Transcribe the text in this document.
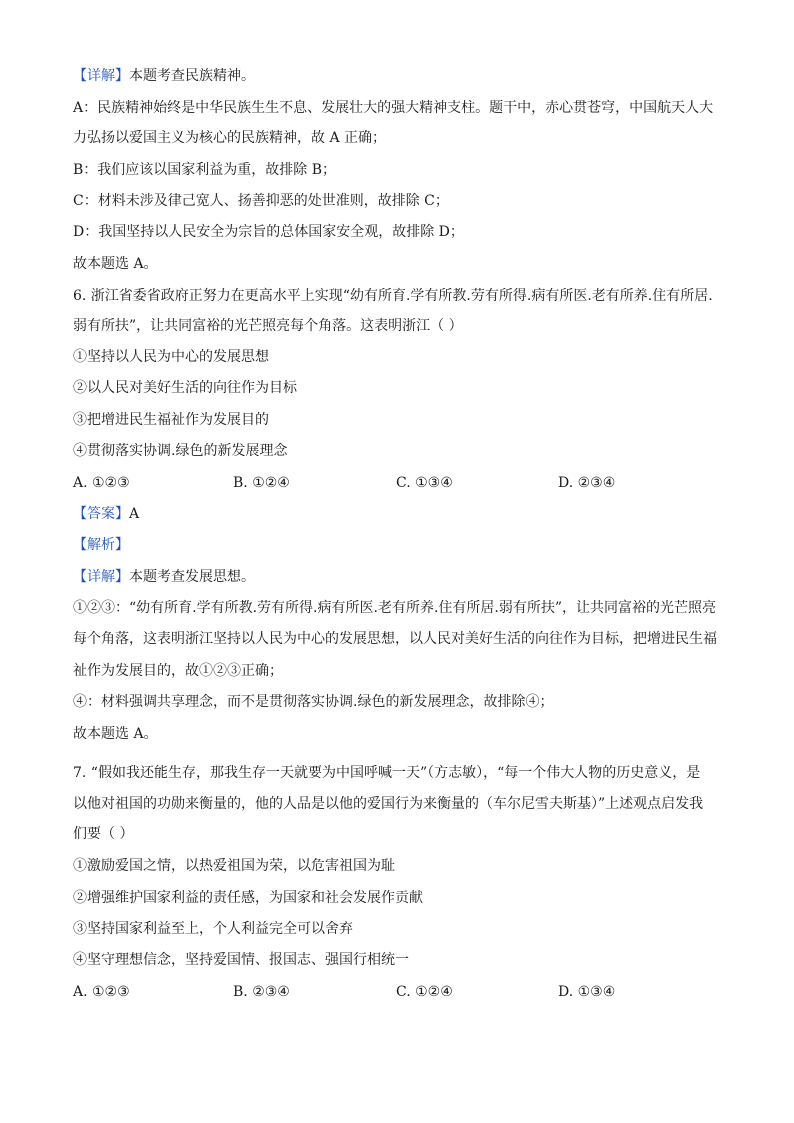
【详解】本题考查民族精神。
A：民族精神始终是中华民族生生不息、发展壮大的强大精神支柱。题干中，赤心贯苍穹，中国航天人大
力弘扬以爱国主义为核心的民族精神，故 A 正确；
B：我们应该以国家利益为重，故排除 B；
C：材料未涉及律己宽人、扬善抑恶的处世准则，故排除 C；
D：我国坚持以人民安全为宗旨的总体国家安全观，故排除 D；
故本题选 A。
6. 浙江省委省政府正努力在更高水平上实现“幼有所育.学有所教.劳有所得.病有所医.老有所养.住有所居.
弱有所扶”，让共同富裕的光芒照亮每个角落。这表明浙江（ ）
①坚持以人民为中心的发展思想
②以人民对美好生活的向往作为目标
③把增进民生福祉作为发展目的
④贯彻落实协调.绿色的新发展理念
A. ①②③	B. ①②④	C. ①③④	D. ②③④
【答案】A
【解析】
【详解】本题考查发展思想。
①②③：“幼有所育.学有所教.劳有所得.病有所医.老有所养.住有所居.弱有所扶”，让共同富裕的光芒照亮
每个角落，这表明浙江坚持以人民为中心的发展思想，以人民对美好生活的向往作为目标，把增进民生福
祉作为发展目的，故①②③正确；
④：材料强调共享理念，而不是贯彻落实协调.绿色的新发展理念，故排除④；
故本题选 A。
7. “假如我还能生存，那我生存一天就要为中国呼喊一天”（方志敏），“每一个伟大人物的历史意义，是
以他对祖国的功勋来衡量的，他的人品是以他的爱国行为来衡量的（车尔尼雪夫斯基）”上述观点启发我
们要（ ）
①激励爱国之情，以热爱祖国为荣，以危害祖国为耻
②增强维护国家利益的责任感，为国家和社会发展作贡献
③坚持国家利益至上，个人利益完全可以舍弃
④坚守理想信念，坚持爱国情、报国志、强国行相统一
A. ①②③	B. ②③④	C. ①②④	D. ①③④
